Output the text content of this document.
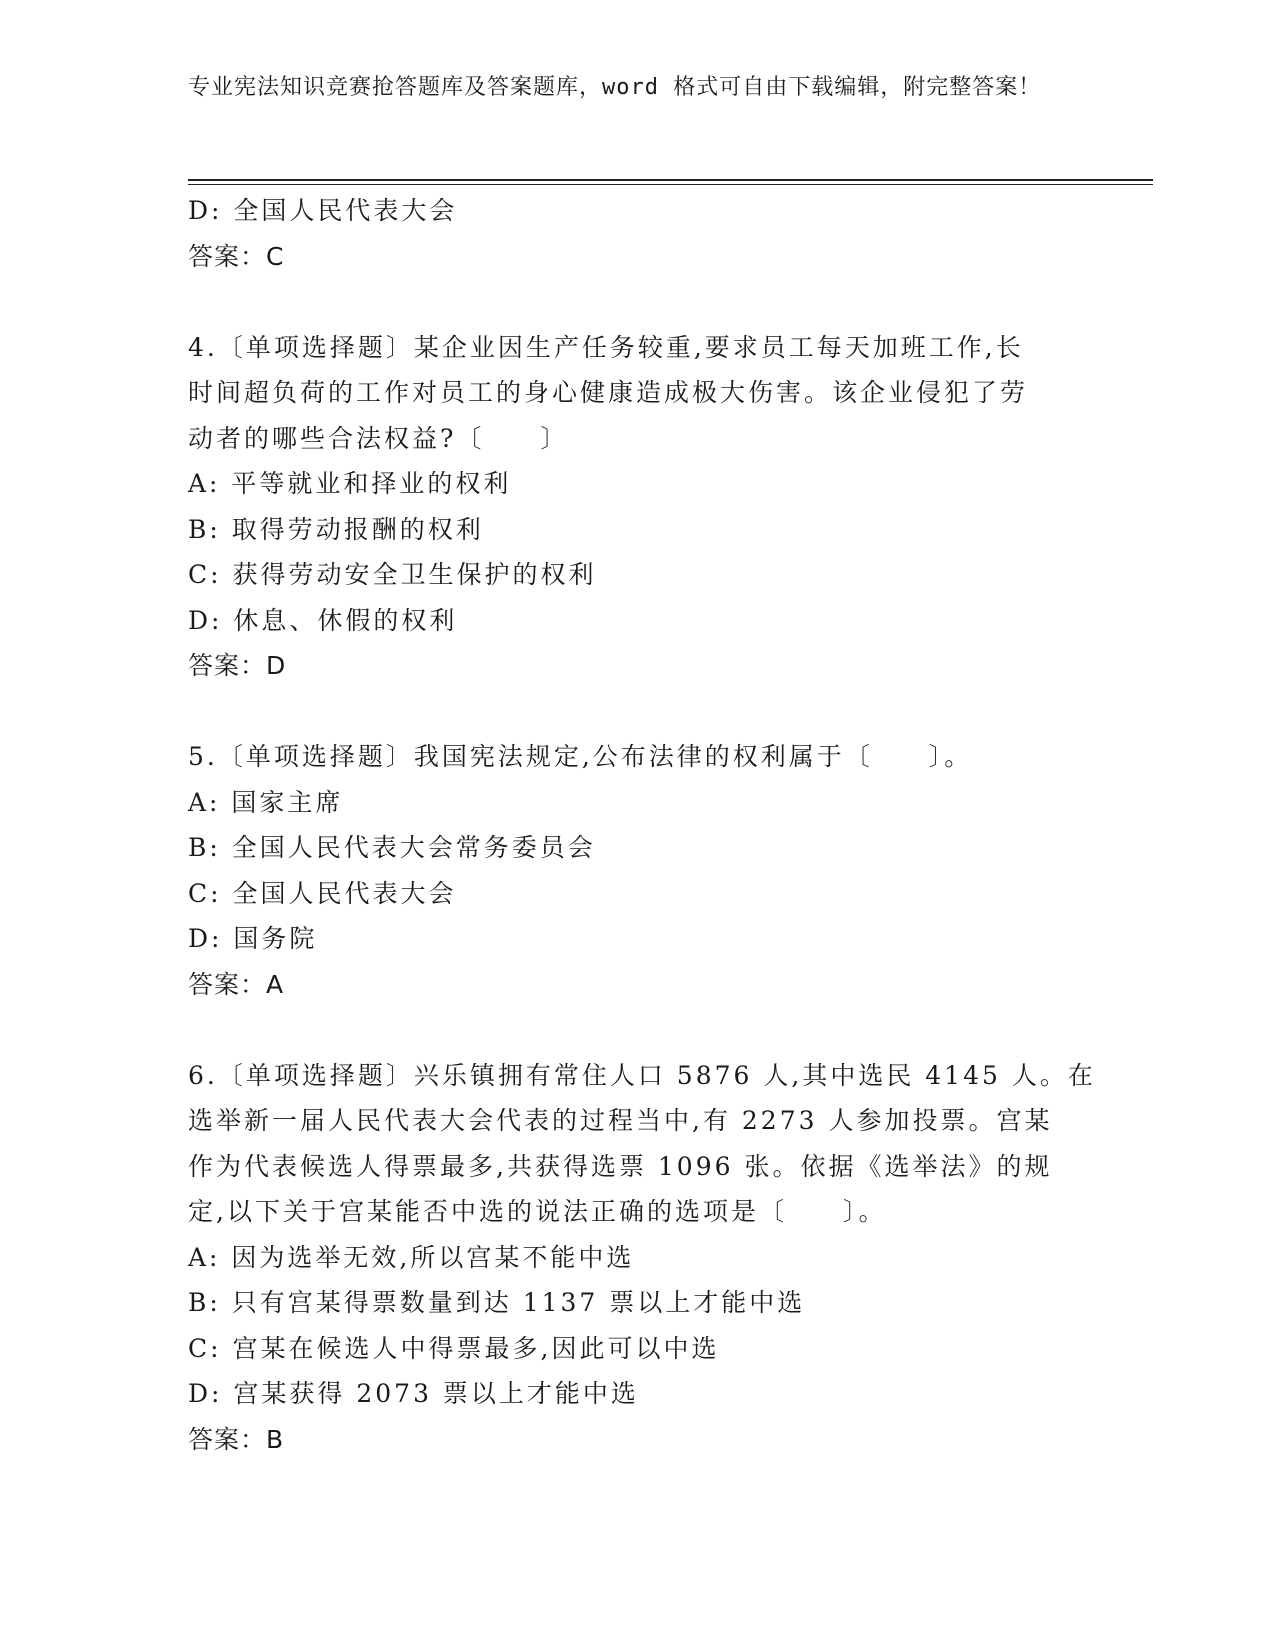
专业宪法知识竞赛抢答题库及答案题库，word 格式可自由下载编辑，附完整答案！
D: 全国人民代表大会
答案：C
4.〔单项选择题〕某企业因生产任务较重,要求员工每天加班工作,长
时间超负荷的工作对员工的身心健康造成极大伤害。该企业侵犯了劳
动者的哪些合法权益?〔　　〕
A: 平等就业和择业的权利
B: 取得劳动报酬的权利
C: 获得劳动安全卫生保护的权利
D: 休息、休假的权利
答案：D
5.〔单项选择题〕我国宪法规定,公布法律的权利属于〔　　〕。
A: 国家主席
B: 全国人民代表大会常务委员会
C: 全国人民代表大会
D: 国务院
答案：A
6.〔单项选择题〕兴乐镇拥有常住人口 5876 人,其中选民 4145 人。在
选举新一届人民代表大会代表的过程当中,有 2273 人参加投票。宫某
作为代表候选人得票最多,共获得选票 1096 张。依据《选举法》的规
定,以下关于宫某能否中选的说法正确的选项是〔　　〕。
A: 因为选举无效,所以宫某不能中选
B: 只有宫某得票数量到达 1137 票以上才能中选
C: 宫某在候选人中得票最多,因此可以中选
D: 宫某获得 2073 票以上才能中选
答案：B
